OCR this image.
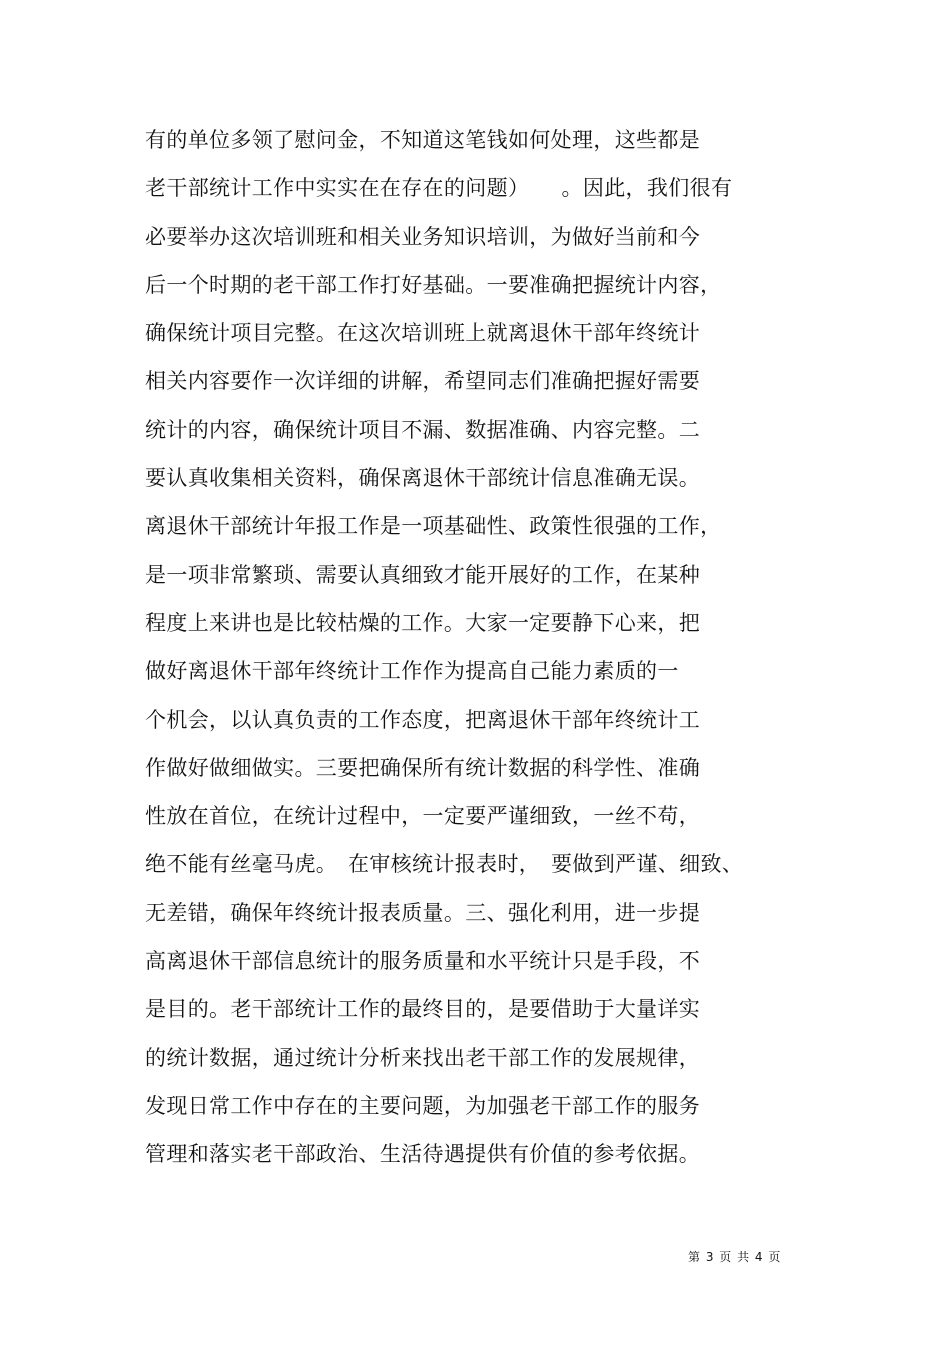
有的单位多领了慰问金，不知道这笔钱如何处理，这些都是
老干部统计工作中实实在在存在的问题）　　。因此，我们很有
必要举办这次培训班和相关业务知识培训，为做好当前和今
后一个时期的老干部工作打好基础。一要准确把握统计内容，
确保统计项目完整。在这次培训班上就离退休干部年终统计
相关内容要作一次详细的讲解，希望同志们准确把握好需要
统计的内容，确保统计项目不漏、数据准确、内容完整。二
要认真收集相关资料，确保离退休干部统计信息准确无误。
离退休干部统计年报工作是一项基础性、政策性很强的工作，
是一项非常繁琐、需要认真细致才能开展好的工作，在某种
程度上来讲也是比较枯燥的工作。大家一定要静下心来，把
做好离退休干部年终统计工作作为提高自己能力素质的一
个机会，以认真负责的工作态度，把离退休干部年终统计工
作做好做细做实。三要把确保所有统计数据的科学性、准确
性放在首位，在统计过程中，一定要严谨细致，一丝不苟，
绝不能有丝毫马虎。　在审核统计报表时，　要做到严谨、细致、
无差错，确保年终统计报表质量。三、强化利用，进一步提
高离退休干部信息统计的服务质量和水平统计只是手段，不
是目的。老干部统计工作的最终目的，是要借助于大量详实
的统计数据，通过统计分析来找出老干部工作的发展规律，
发现日常工作中存在的主要问题，为加强老干部工作的服务
管理和落实老干部政治、生活待遇提供有价值的参考依据。
第 3 页 共 4 页
